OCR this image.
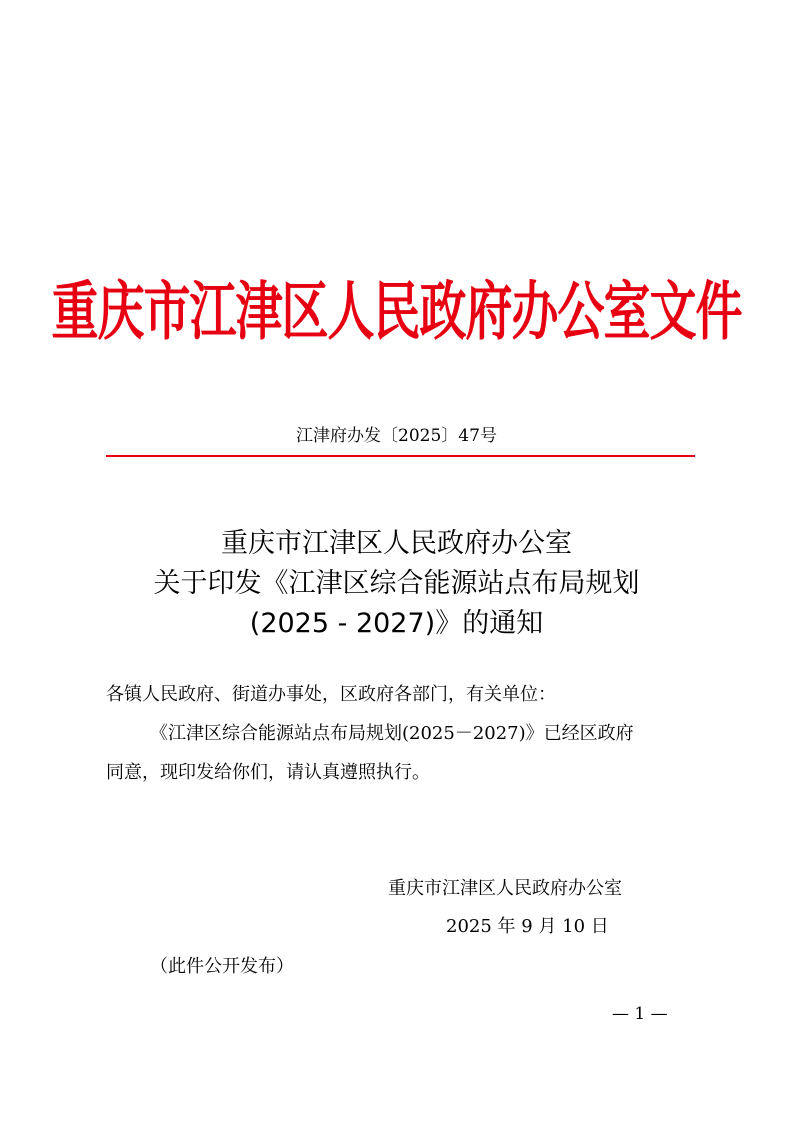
重庆市江津区人民政府办公室文件
江津府办发〔2025〕47号
重庆市江津区人民政府办公室
关于印发《江津区综合能源站点布局规划
(2025 - 2027)》的通知
各镇人民政府、街道办事处，区政府各部门，有关单位：
《江津区综合能源站点布局规划(2025－2027)》已经区政府
同意，现印发给你们，请认真遵照执行。
重庆市江津区人民政府办公室
2025 年 9 月 10 日
（此件公开发布）
— 1 —
